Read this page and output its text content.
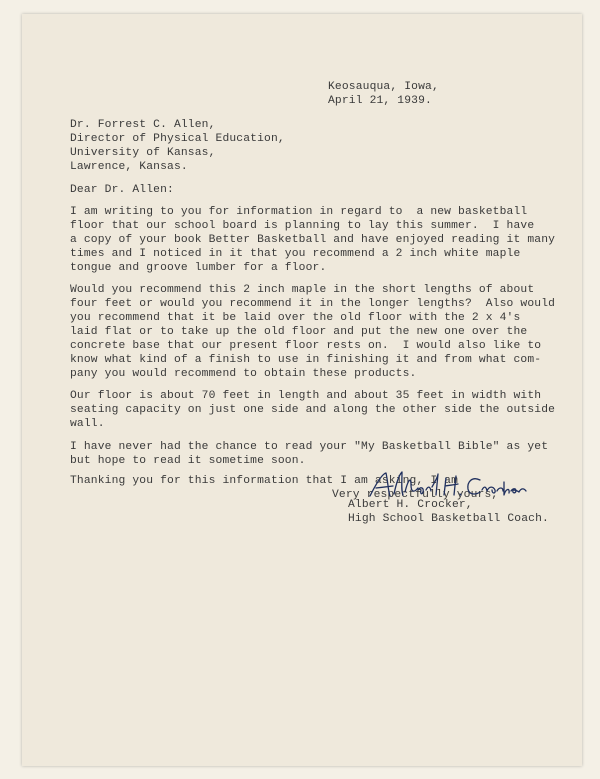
Keosauqua, Iowa,
April 21, 1939.
Dr. Forrest C. Allen,
Director of Physical Education,
University of Kansas,
Lawrence, Kansas.
Dear Dr. Allen:
I am writing to you for information in regard to  a new basketball
floor that our school board is planning to lay this summer.  I have
a copy of your book Better Basketball and have enjoyed reading it many
times and I noticed in it that you recommend a 2 inch white maple
tongue and groove lumber for a floor.
Would you recommend this 2 inch maple in the short lengths of about
four feet or would you recommend it in the longer lengths?  Also would
you recommend that it be laid over the old floor with the 2 x 4's
laid flat or to take up the old floor and put the new one over the
concrete base that our present floor rests on.  I would also like to
know what kind of a finish to use in finishing it and from what com-
pany you would recommend to obtain these products.
Our floor is about 70 feet in length and about 35 feet in width with
seating capacity on just one side and along the other side the outside
wall.
I have never had the chance to read your "My Basketball Bible" as yet
but hope to read it sometime soon.
Thanking you for this information that I am asking, I am
Very respectfully yours,
Albert H. Crocker,
High School Basketball Coach.
